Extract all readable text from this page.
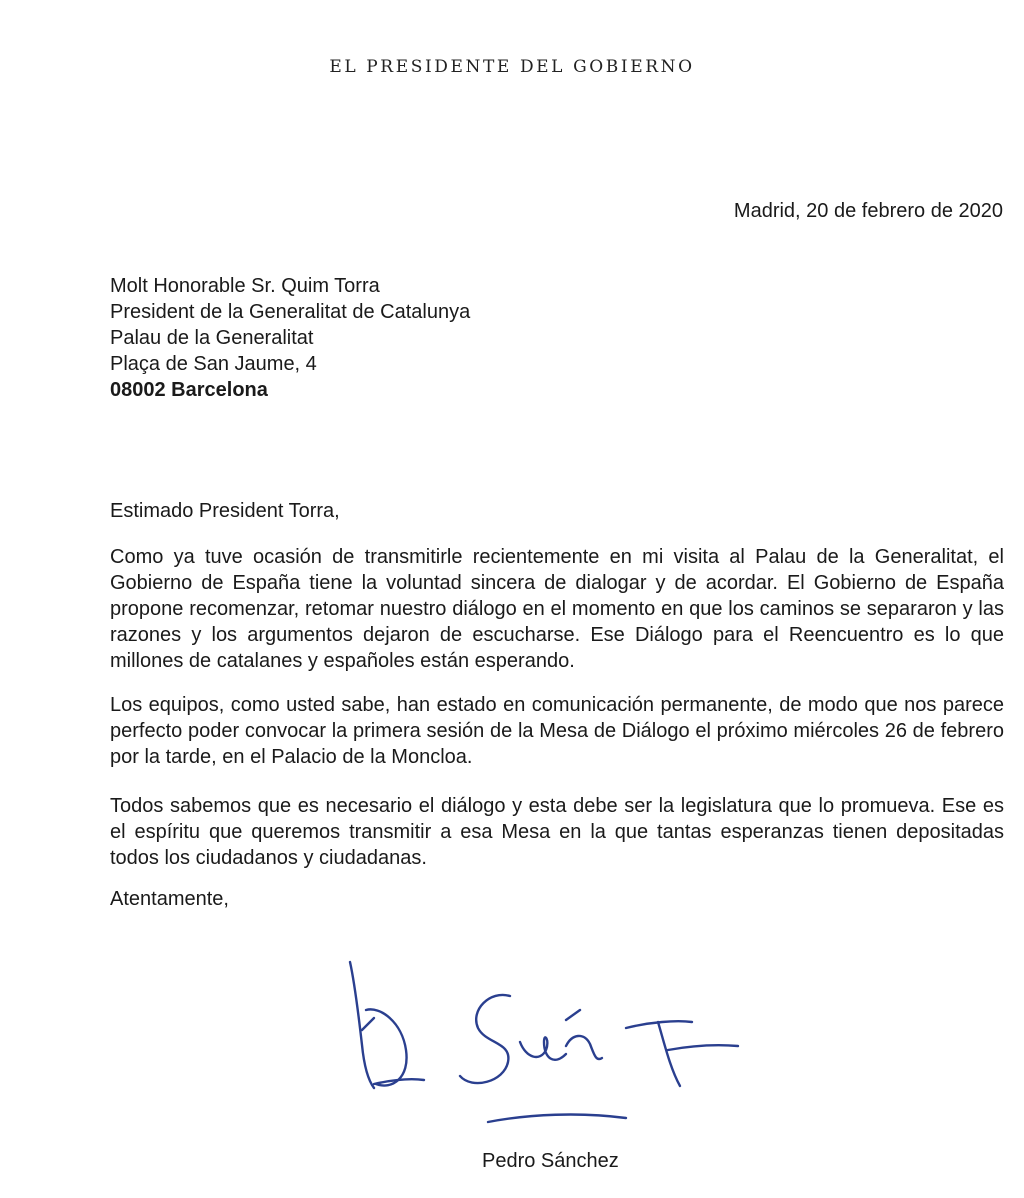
EL PRESIDENTE DEL GOBIERNO
Madrid, 20 de febrero de 2020
Molt Honorable Sr. Quim Torra
President de la Generalitat de Catalunya
Palau de la Generalitat
Plaça de San Jaume, 4
08002 Barcelona
Estimado President Torra,

Como ya tuve ocasión de transmitirle recientemente en mi visita al Palau de la Generalitat, el Gobierno de España tiene la voluntad sincera de dialogar y de acordar. El Gobierno de España propone recomenzar, retomar nuestro diálogo en el momento en que los caminos se separaron y las razones y los argumentos dejaron de escucharse. Ese Diálogo para el Reencuentro es lo que millones de catalanes y españoles están esperando.

Los equipos, como usted sabe, han estado en comunicación permanente, de modo que nos parece perfecto poder convocar la primera sesión de la Mesa de Diálogo el próximo miércoles 26 de febrero por la tarde, en el Palacio de la Moncloa.

Todos sabemos que es necesario el diálogo y esta debe ser la legislatura que lo promueva. Ese es el espíritu que queremos transmitir a esa Mesa en la que tantas esperanzas tienen depositadas todos los ciudadanos y ciudadanas.

Atentamente,
Pedro Sánchez
